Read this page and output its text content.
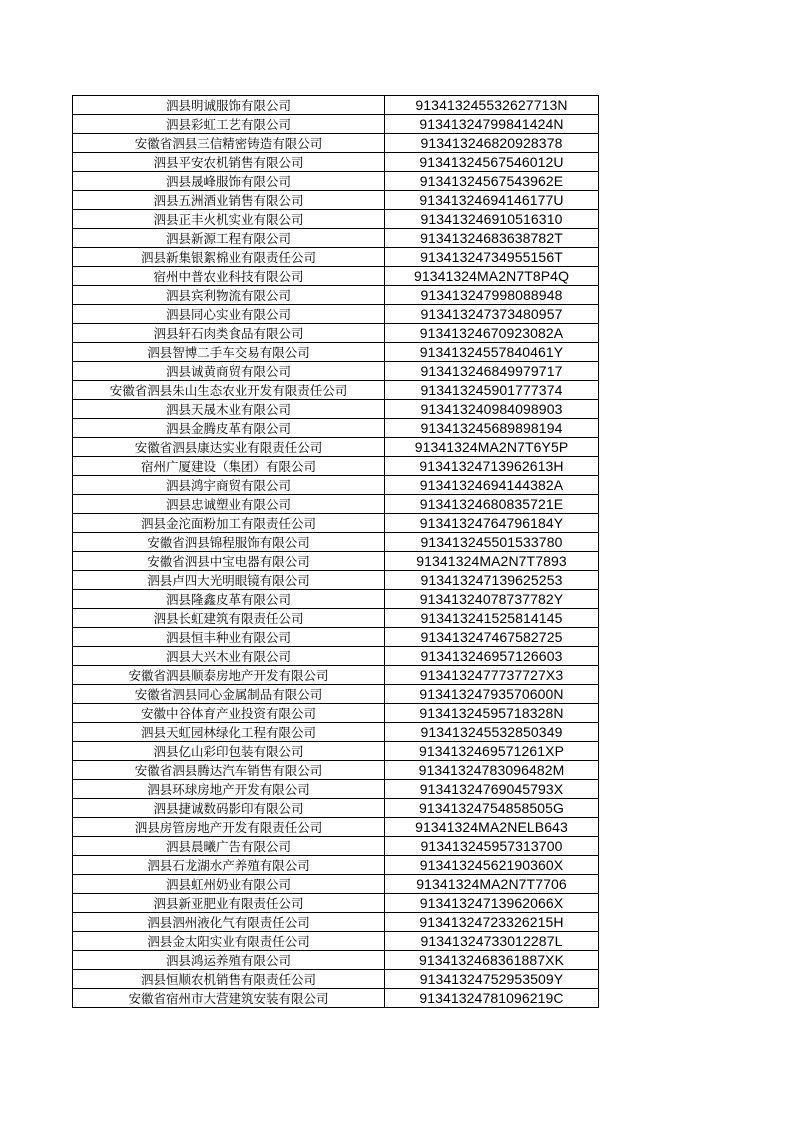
泗县明诚服饰有限公司	913413245532627713N
泗县彩虹工艺有限公司	91341324799841424N
安徽省泗县三信精密铸造有限公司	91341324682092837​8
泗县平安农机销售有限公司	91341324567546012U
泗县晟峰服饰有限公司	91341324567543962E
泗县五洲酒业销售有限公司	91341324694146177U
泗县正丰火机实业有限公司	913413246910516310
泗县新源工程有限公司	91341324683638782T
泗县新集银絮棉业有限责任公司	91341324734955156T
宿州中普农业科技有限公司	91341324MA2N7T8P4Q
泗县宾利物流有限公司	913413247998088948
泗县同心实业有限公司	913413247373480957
泗县轩石肉类食品有限公司	91341324670923082A
泗县智博二手车交易有限公司	91341324557840461Y
泗县诚黄商贸有限公司	913413246849979717
安徽省泗县朱山生态农业开发有限责任公司	913413245901777374
泗县天晟木业有限公司	913413240984098903
泗县金腾皮革有限公司	913413245689898194
安徽省泗县康达实业有限责任公司	91341324MA2N7T6Y5P
宿州广厦建设（集团）有限公司	91341324713962613H
泗县鸿宇商贸有限公司	91341324694144382A
泗县忠诚塑业有限公司	91341324680835721E
泗县金沱面粉加工有限责任公司	91341324764796184Y
安徽省泗县锦程服饰有限公司	913413245501533780
安徽省泗县中宝电器有限公司	91341324MA2N7T7893
泗县卢四大光明眼镜有限公司	913413247139625253
泗县隆鑫皮革有限公司	91341324078737782Y
泗县长虹建筑有限责任公司	913413241525814145
泗县恒丰种业有限公司	913413247467582725
泗县大兴木业有限公司	913413246957126603
安徽省泗县顺泰房地产开发有限公司	9134132477737727X3
安徽省泗县同心金属制品有限公司	91341324793570600N
安徽中谷体育产业投资有限公司	91341324595718328N
泗县天虹园林绿化工程有限公司	913413245532850349
泗县亿山彩印包装有限公司	913413246957126​1XP
安徽省泗县腾达汽车销售有限公司	91341324783096482M
泗县环球房地产开发有限公司	91341324769045793X
泗县捷诚数码影印有限公司	91341324754858505G
泗县房管房地产开发有限责任公司	91341324MA2NELB643
泗县晨曦广告有限公司	913413245957313700
泗县石龙湖水产养殖有限公司	91341324562190360X
泗县虹州奶业有限公司	91341324MA2N7T7706
泗县新亚肥业有限责任公司	91341324713962066X
泗县泗州液化气有限责任公司	91341324723326215H
泗县金太阳实业有限责任公司	91341324733012287L
泗县鸿运养殖有限公司	9134132468361887XK
泗县恒顺农机销售有限责任公司	91341324752953509Y
安徽省宿州市大营建筑安装有限公司	91341324781096219C
